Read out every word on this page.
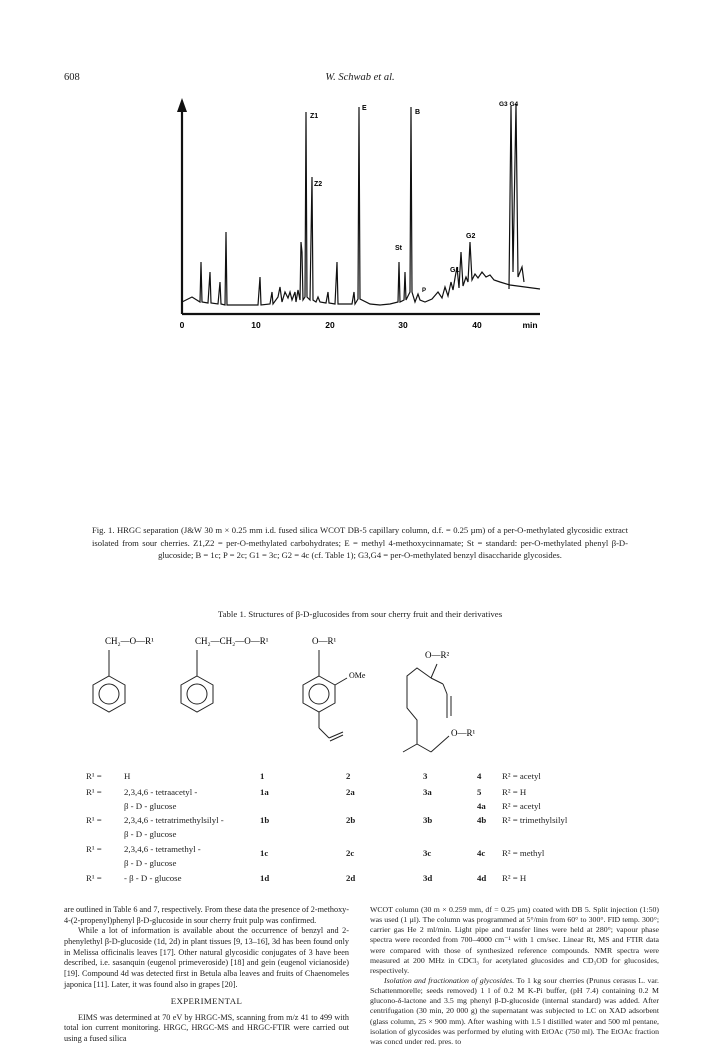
608	W. Schwab et al.
Z1
Z2
E
B
St
G2
G1
G3 G4
P
0	10	20	30	40	min
Fig. 1. HRGC separation (J&W 30 m × 0.25 mm i.d. fused silica WCOT DB-5 capillary column, d.f. = 0.25 µm) of a per-O-methylated glycosidic extract isolated from sour cherries. Z1,Z2 = per-O-methylated carbohydrates; E = methyl 4-methoxycinnamate; St = standard: per-O-methylated phenyl β-D-glucoside; B = 1c; P = 2c; G1 = 3c; G2 = 4c (cf. Table 1); G3,G4 = per-O-methylated benzyl disaccharide glycosides.
Table 1. Structures of β-D-glucosides from sour cherry fruit and their derivatives
CH₂—O—R¹	CH₂—CH₂—O—R¹	O—R¹
OMe
O—R²
O—R¹
R¹ =	H	1	2	3	4 R² = acetyl
R¹ =	2,3,4,6 - tetraacetyl -
β - D - glucose
1a	2a	3a	5 R² = H
4a R² = acetyl
R¹ =	2,3,4,6 - tetratrimethylsilyl -
β - D - glucose
1b	2b	3b	4b R² = trimethylsilyl
R¹ =	2,3,4,6 - tetramethyl -
β - D - glucose
1c	2c	3c	4c R² = methyl
R¹ =	- β - D - glucose	1d	2d	3d	4d R² = H

are outlined in Table 6 and 7, respectively. From these data the presence of 2-methoxy-4-(2-propenyl)phenyl β-D-glucoside in sour cherry fruit pulp was confirmed.

While a lot of information is available about the occurrence of benzyl and 2-phenylethyl β-D-glucoside (1d, 2d) in plant tissues [9, 13–16], 3d has been found only in Melissa officinalis leaves [17]. Other natural glycosidic conjugates of 3 have been described, i.e. sasanquin (eugenol primeveroside) [18] and gein (eugenol vicianoside) [19]. Compound 4d was detected first in Betula alba leaves and fruits of Chaenomeles japonica [11]. Later, it was found also in grapes [20].

EXPERIMENTAL

EIMS was determined at 70 eV by HRGC-MS, scanning from m/z 41 to 499 with total ion current monitoring. HRGC, HRGC-MS and HRGC-FTIR were carried out using a fused silica

WCOT column (30 m × 0.259 mm, df = 0.25 µm) coated with DB 5. Split injection (1:50) was used (1 µl). The column was programmed at 5°/min from 60° to 300°. FID temp. 300°; carrier gas He 2 ml/min. Light pipe and transfer lines were held at 280°; vapour phase spectra were recorded from 700–4000 cm⁻¹ with 1 cm/sec. Linear Rt, MS and FTIR data were compared with those of synthesized reference compounds. NMR spectra were measured at 200 MHz in CDCl₃ for acetylated glucosides and CD₃OD for glucosides, respectively.

Isolation and fractionation of glycosides. To 1 kg sour cherries (Prunus cerasus L. var. Schattenmorelle; seeds removed) 1 l of 0.2 M K-Pi buffer, (pH 7.4) containing 0.2 M glucono-δ-lactone and 3.5 mg phenyl β-D-glucoside (internal standard) was added. After centrifugation (30 min, 20 000 g) the supernatant was subjected to LC on XAD adsorbent (glass column, 25 × 900 mm). After washing with 1.5 l distilled water and 500 ml pentane, isolation of glycosides was performed by eluting with EtOAc (750 ml). The EtOAc fraction was concd under red. pres. to
